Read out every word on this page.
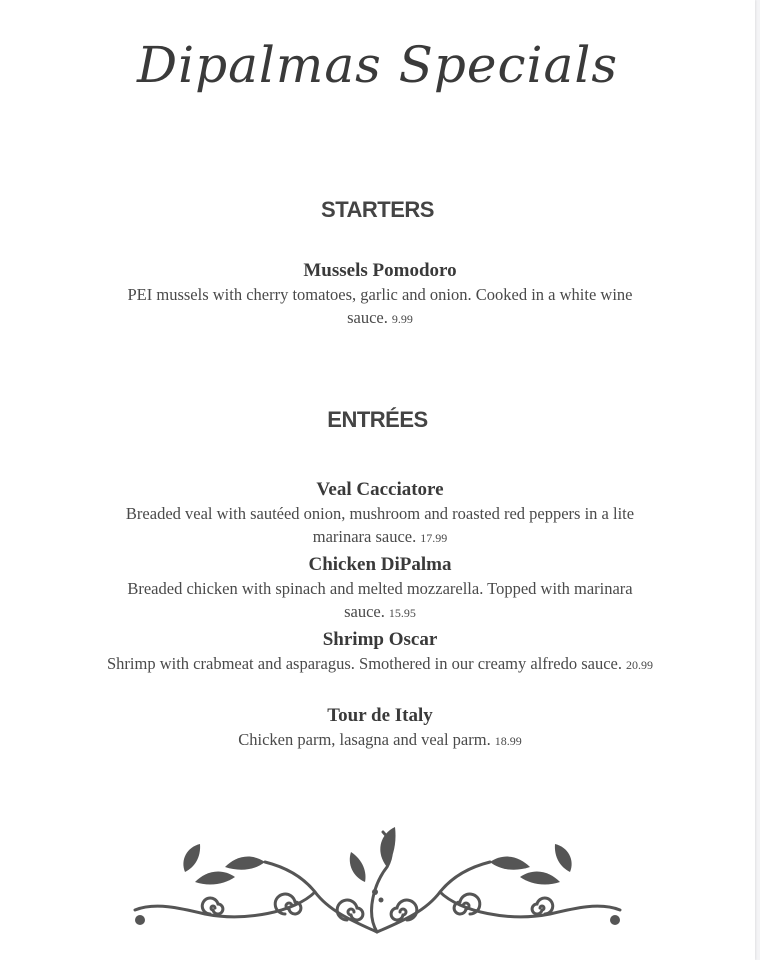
Dipalmas Specials
STARTERS
Mussels Pomodoro
PEI mussels with cherry tomatoes, garlic and onion. Cooked in a white wine sauce. 9.99
ENTRÉES
Veal Cacciatore
Breaded veal with sautéed onion, mushroom and roasted red peppers in a lite marinara sauce. 17.99
Chicken DiPalma
Breaded chicken with spinach and melted mozzarella. Topped with marinara sauce. 15.95
Shrimp Oscar
Shrimp with crabmeat and asparagus. Smothered in our creamy alfredo sauce. 20.99
Tour de Italy
Chicken parm, lasagna and veal parm. 18.99
